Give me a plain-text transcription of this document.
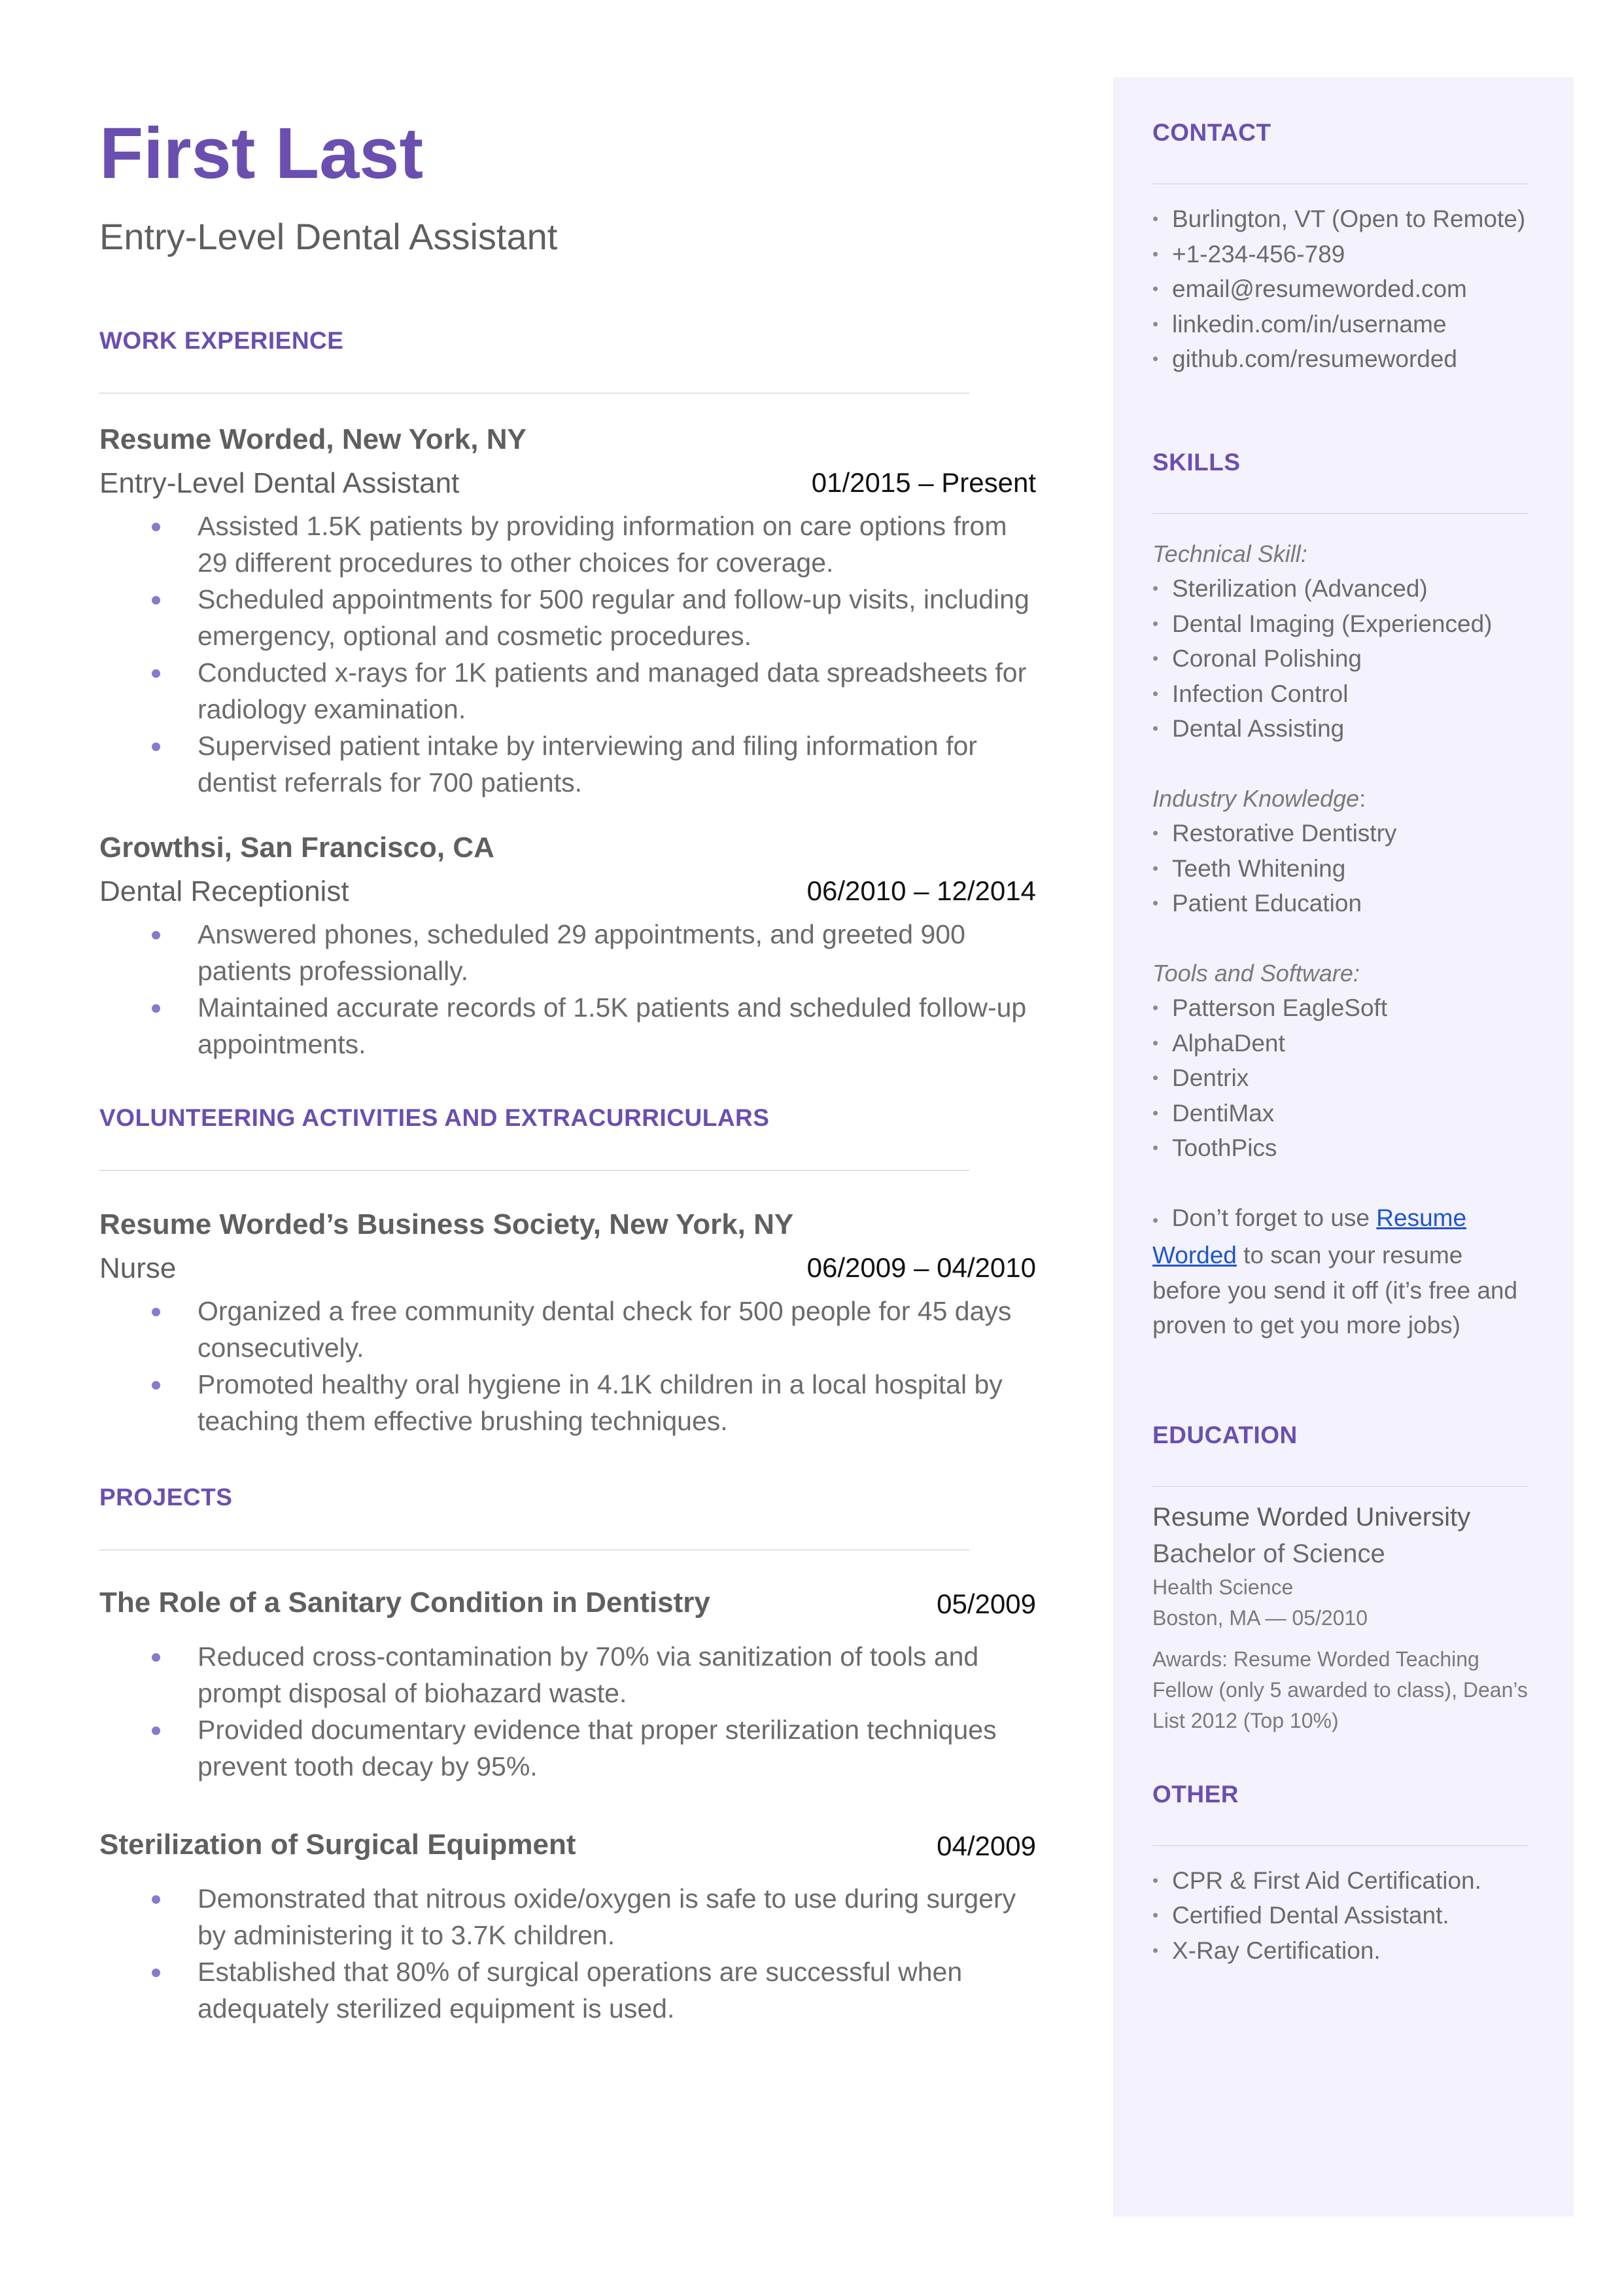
First Last
Entry-Level Dental Assistant
WORK EXPERIENCE
Resume Worded, New York, NY
Entry-Level Dental Assistant	01/2015 – Present
Assisted 1.5K patients by providing information on care options from 29 different procedures to other choices for coverage.
Scheduled appointments for 500 regular and follow-up visits, including emergency, optional and cosmetic procedures.
Conducted x-rays for 1K patients and managed data spreadsheets for radiology examination.
Supervised patient intake by interviewing and filing information for dentist referrals for 700 patients.
Growthsi, San Francisco, CA
Dental Receptionist	06/2010 – 12/2014
Answered phones, scheduled 29 appointments, and greeted 900 patients professionally.
Maintained accurate records of 1.5K patients and scheduled follow-up appointments.
VOLUNTEERING ACTIVITIES AND EXTRACURRICULARS
Resume Worded’s Business Society, New York, NY
Nurse	06/2009 – 04/2010
Organized a free community dental check for 500 people for 45 days consecutively.
Promoted healthy oral hygiene in 4.1K children in a local hospital by teaching them effective brushing techniques.
PROJECTS
The Role of a Sanitary Condition in Dentistry	05/2009
Reduced cross-contamination by 70% via sanitization of tools and prompt disposal of biohazard waste.
Provided documentary evidence that proper sterilization techniques prevent tooth decay by 95%.
Sterilization of Surgical Equipment	04/2009
Demonstrated that nitrous oxide/oxygen is safe to use during surgery by administering it to 3.7K children.
Established that 80% of surgical operations are successful when adequately sterilized equipment is used.
CONTACT
• Burlington, VT (Open to Remote)
• +1-234-456-789
• email@resumeworded.com
• linkedin.com/in/username
• github.com/resumeworded
SKILLS
Technical Skill:
• Sterilization (Advanced)
• Dental Imaging (Experienced)
• Coronal Polishing
• Infection Control
• Dental Assisting
Industry Knowledge:
• Restorative Dentistry
• Teeth Whitening
• Patient Education
Tools and Software:
• Patterson EagleSoft
• AlphaDent
• Dentrix
• DentiMax
• ToothPics
• Don’t forget to use Resume Worded to scan your resume before you send it off (it’s free and proven to get you more jobs)
EDUCATION
Resume Worded University
Bachelor of Science
Health Science
Boston, MA — 05/2010
Awards: Resume Worded Teaching Fellow (only 5 awarded to class), Dean’s List 2012 (Top 10%)
OTHER
• CPR & First Aid Certification.
• Certified Dental Assistant.
• X-Ray Certification.
